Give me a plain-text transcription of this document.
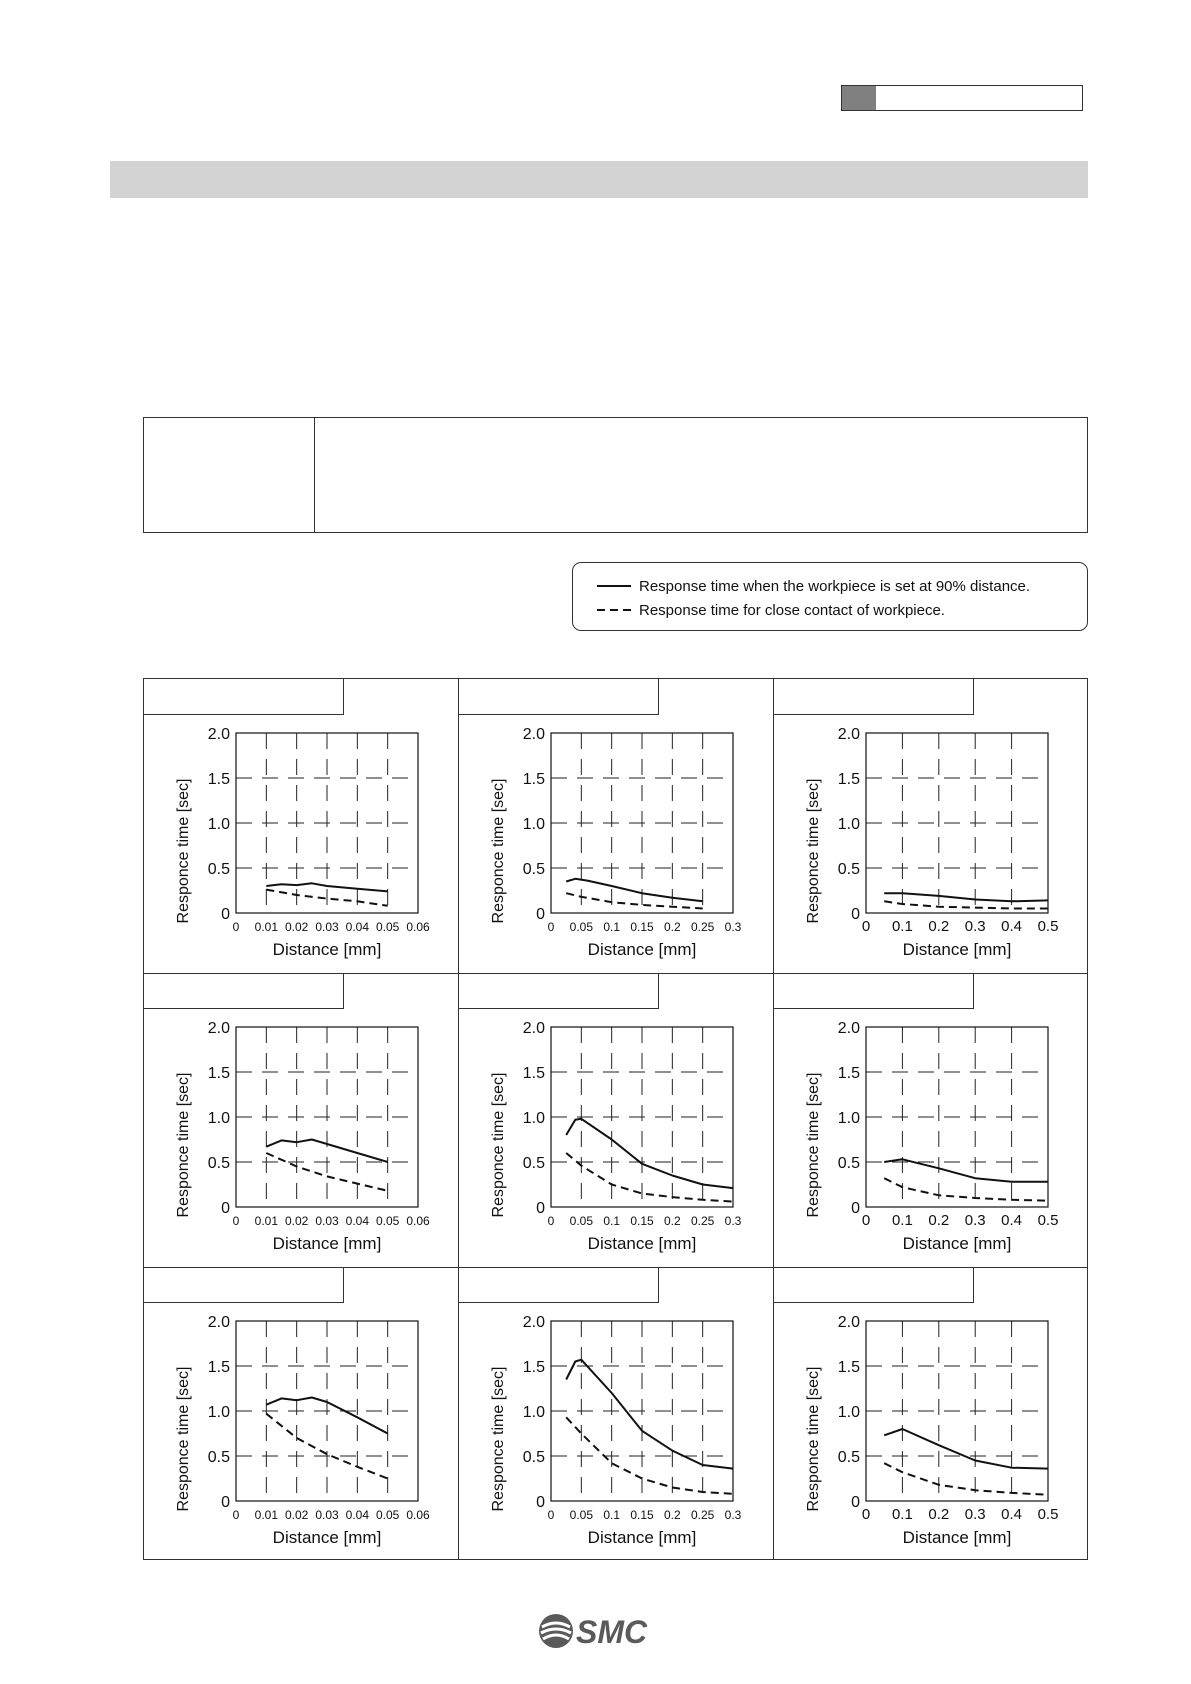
Response time when the workpiece is set at 90% distance.
Response time for close contact of workpiece.
0 0.01 0.02 0.03 0.04 0.05 0.06
0
0.5
1.0
1.5
2.0
Distance [mm]
Responce time [sec]
0 0.05 0.1 0.15 0.2 0.25 0.3
0
0.5
1.0
1.5
2.0
Distance [mm]
Responce time [sec]
0 0.1 0.2 0.3 0.4 0.5
0
0.5
1.0
1.5
2.0
Distance [mm]
Responce time [sec]
0 0.01 0.02 0.03 0.04 0.05 0.06
0
0.5
1.0
1.5
2.0
Distance [mm]
Responce time [sec]
0 0.05 0.1 0.15 0.2 0.25 0.3
0
0.5
1.0
1.5
2.0
Distance [mm]
Responce time [sec]
0 0.1 0.2 0.3 0.4 0.5
0
0.5
1.0
1.5
2.0
Distance [mm]
Responce time [sec]
0 0.01 0.02 0.03 0.04 0.05 0.06
0
0.5
1.0
1.5
2.0
Distance [mm]
Responce time [sec]
0 0.05 0.1 0.15 0.2 0.25 0.3
0
0.5
1.0
1.5
2.0
Distance [mm]
Responce time [sec]
0 0.1 0.2 0.3 0.4 0.5
0
0.5
1.0
1.5
2.0
Distance [mm]
Responce time [sec]
SMC
